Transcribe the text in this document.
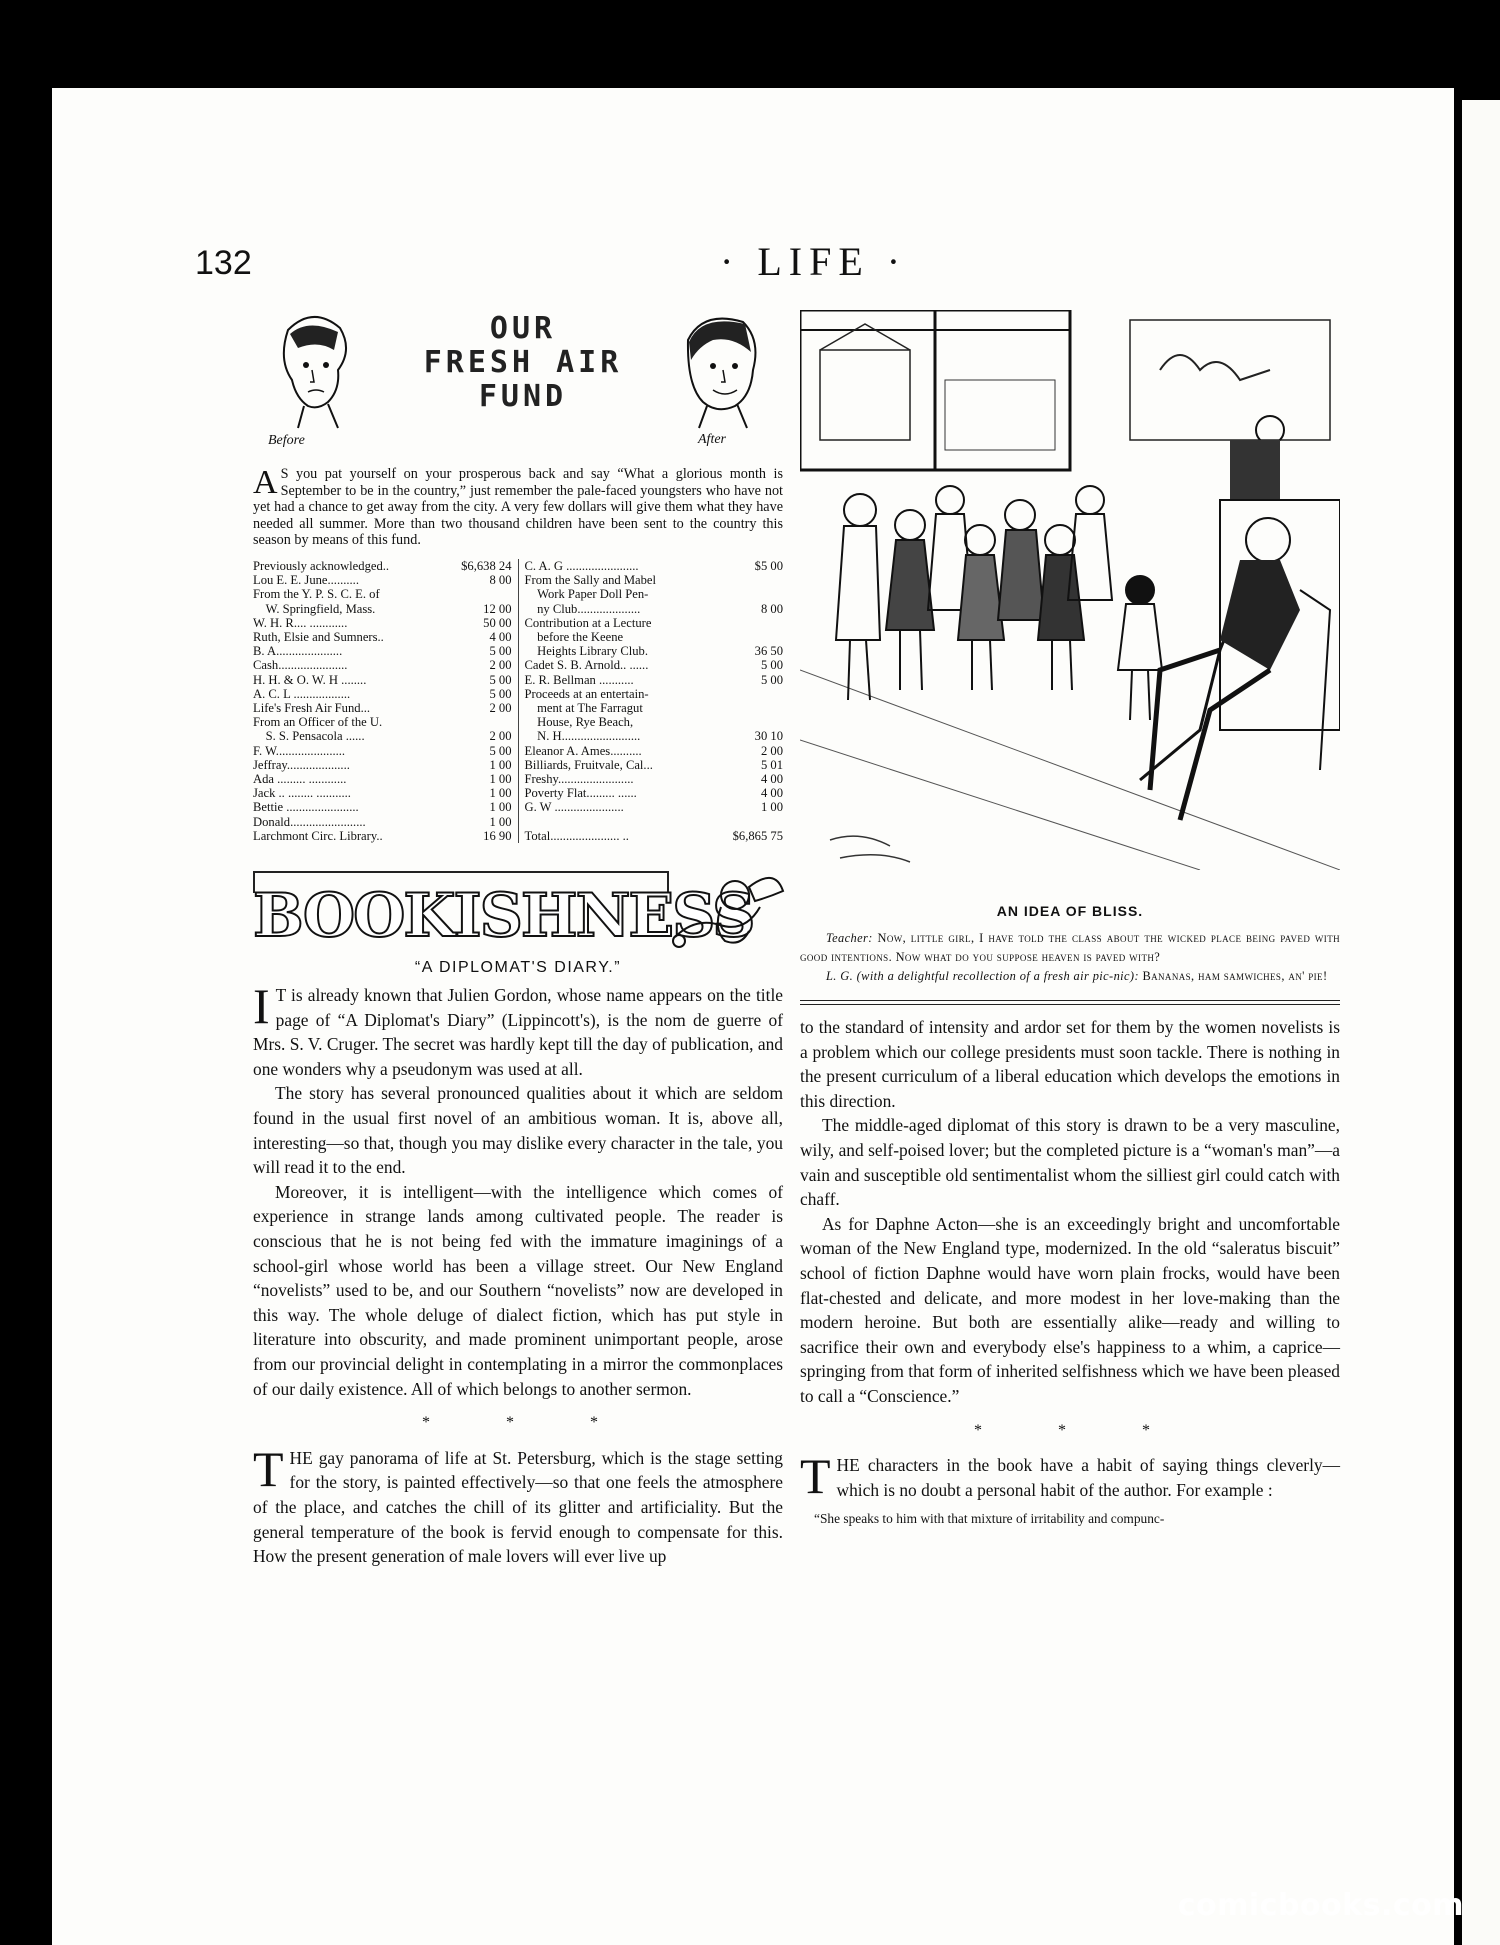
132	· LIFE ·
Before
OUR
FRESH AIR
FUND
After
A S you pat yourself on your prosperous back and say “What a glorious month is September to be in the country,” just remember the pale-faced youngsters who have not yet had a chance to get away from the city. A very few dollars will give them what they have needed all summer. More than two thousand children have been sent to the country this season by means of this fund.
Previously acknowledged..	$6,638 24
Lou E. E. June..........	8 00
From the Y. P. S. C. E. of
W. Springfield, Mass.	12 00
W. H. R.... ............	50 00
Ruth, Elsie and Sumners..	4 00
B. A.....................	5 00
Cash......................	2 00
H. H. & O. W. H ........	5 00
A. C. L ..................	5 00
Life's Fresh Air Fund...	2 00
From an Officer of the U.
S. S. Pensacola ......	2 00
F. W......................	5 00
Jeffray....................	1 00
Ada ......... ............	1 00
Jack .. ........ ...........	1 00
Bettie .......................	1 00
Donald........................	1 00
Larchmont Circ. Library..	16 90
C. A. G .......................	$5 00
From the Sally and Mabel
Work Paper Doll Pen-
ny Club....................	8 00
Contribution at a Lecture
before the Keene
Heights Library Club.	36 50
Cadet S. B. Arnold.. ......	5 00
E. R. Bellman ...........	5 00
Proceeds at an entertain-
ment at The Farragut
House, Rye Beach,
N. H.........................	30 10
Eleanor A. Ames..........	2 00
Billiards, Fruitvale, Cal...	5 01
Freshy........................	4 00
Poverty Flat......... ......	4 00
G. W ......................	1 00
Total...................... ..	$6,865 75
BOOKISHNESS
“A DIPLOMAT'S DIARY.”

I T is already known that Julien Gordon, whose name appears on the title page of “A Diplomat's Diary” (Lippincott's), is the nom de guerre of Mrs. S. V. Cruger. The secret was hardly kept till the day of publication, and one wonders why a pseudonym was used at all.

The story has several pronounced qualities about it which are seldom found in the usual first novel of an ambitious woman. It is, above all, interesting—so that, though you may dislike every character in the tale, you will read it to the end.

Moreover, it is intelligent—with the intelligence which comes of experience in strange lands among cultivated people. The reader is conscious that he is not being fed with the immature imaginings of a school-girl whose world has been a village street. Our New England “novelists” used to be, and our Southern “novelists” now are developed in this way. The whole deluge of dialect fiction, which has put style in literature into obscurity, and made prominent unimportant people, arose from our provincial delight in contemplating in a mirror the commonplaces of our daily existence. All of which belongs to another sermon.

* * *

THE gay panorama of life at St. Petersburg, which is the stage setting for the story, is painted effectively—so that one feels the atmosphere of the place, and catches the chill of its glitter and artificiality. But the general temperature of the book is fervid enough to compensate for this. How the present generation of male lovers will ever live up

AN IDEA OF BLISS.

Teacher: Now, little girl, I have told the class about the wicked place being paved with good intentions. Now what do you suppose heaven is paved with?

L. G. (with a delightful recollection of a fresh air pic-nic): Bananas, ham samwiches, an' pie!

to the standard of intensity and ardor set for them by the women novelists is a problem which our college presidents must soon tackle. There is nothing in the present curriculum of a liberal education which develops the emotions in this direction.

The middle-aged diplomat of this story is drawn to be a very masculine, wily, and self-poised lover; but the completed picture is a “woman's man”—a vain and susceptible old sentimentalist whom the silliest girl could catch with chaff.

As for Daphne Acton—she is an exceedingly bright and uncomfortable woman of the New England type, modernized. In the old “saleratus biscuit” school of fiction Daphne would have worn plain frocks, would have been flat-chested and delicate, and more modest in her love-making than the modern heroine. But both are essentially alike—ready and willing to sacrifice their own and everybody else's happiness to a whim, a caprice—springing from that form of inherited selfishness which we have been pleased to call a “Conscience.”

* * *

THE characters in the book have a habit of saying things cleverly—which is no doubt a personal habit of the author. For example :

“She speaks to him with that mixture of irritability and compunc-
comicbooks.com
